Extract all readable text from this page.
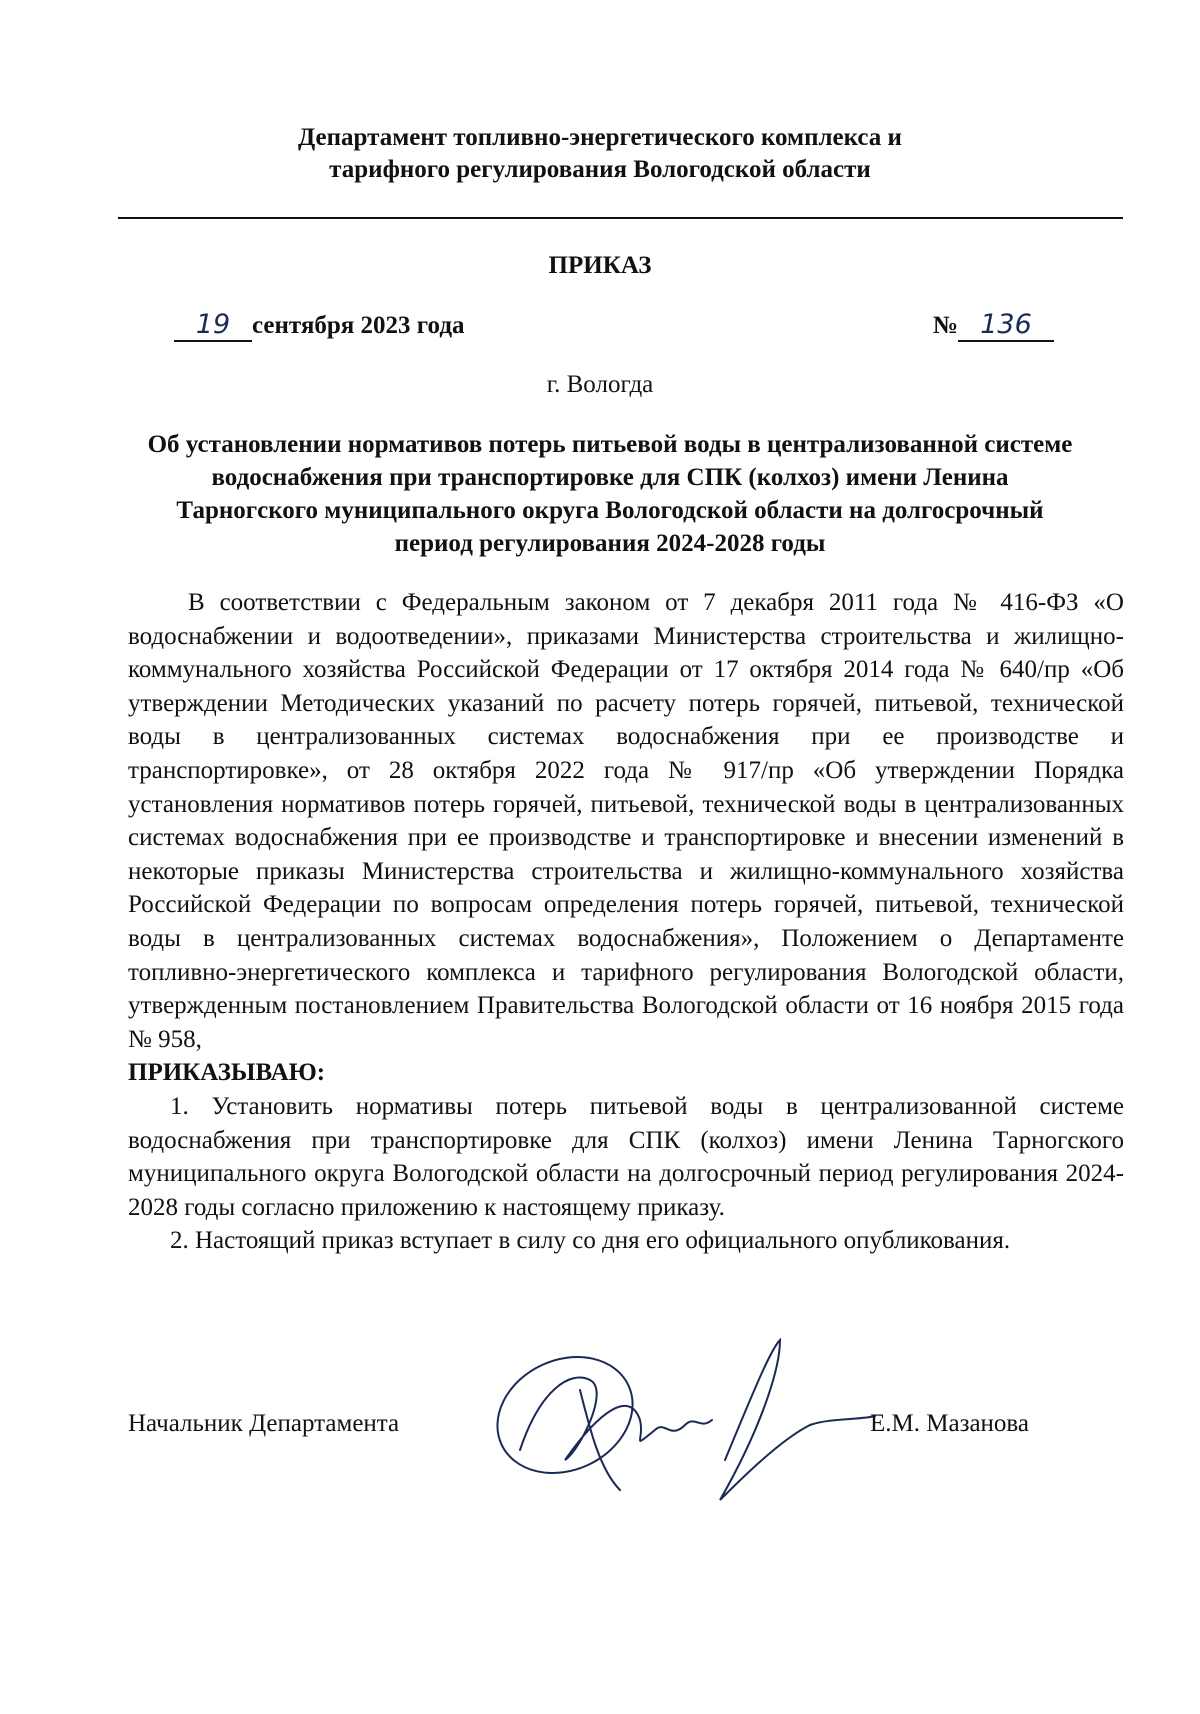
Департамент топливно-энергетического комплекса и
тарифного регулирования Вологодской области
ПРИКАЗ
19 сентября 2023 года	№ 136
г. Вологда
Об установлении нормативов потерь питьевой воды в централизованной системе водоснабжения при транспортировке для СПК (колхоз) имени Ленина Тарногского муниципального округа Вологодской области на долгосрочный период регулирования 2024-2028 годы

В соответствии с Федеральным законом от 7 декабря 2011 года № 416-ФЗ «О водоснабжении и водоотведении», приказами Министерства строительства и жилищно-коммунального хозяйства Российской Федерации от 17 октября 2014 года № 640/пр «Об утверждении Методических указаний по расчету потерь горячей, питьевой, технической воды в централизованных системах водоснабжения при ее производстве и транспортировке», от 28 октября 2022 года № 917/пр «Об утверждении Порядка установления нормативов потерь горячей, питьевой, технической воды в централизованных системах водоснабжения при ее производстве и транспортировке и внесении изменений в некоторые приказы Министерства строительства и жилищно-коммунального хозяйства Российской Федерации по вопросам определения потерь горячей, питьевой, технической воды в централизованных системах водоснабжения», Положением о Департаменте топливно-энергетического комплекса и тарифного регулирования Вологодской области, утвержденным постановлением Правительства Вологодской области от 16 ноября 2015 года № 958,

ПРИКАЗЫВАЮ:

1. Установить нормативы потерь питьевой воды в централизованной системе водоснабжения при транспортировке для СПК (колхоз) имени Ленина Тарногского муниципального округа Вологодской области на долгосрочный период регулирования 2024-2028 годы согласно приложению к настоящему приказу.

2. Настоящий приказ вступает в силу со дня его официального опубликования.

Начальник Департамента	Е.М. Мазанова
